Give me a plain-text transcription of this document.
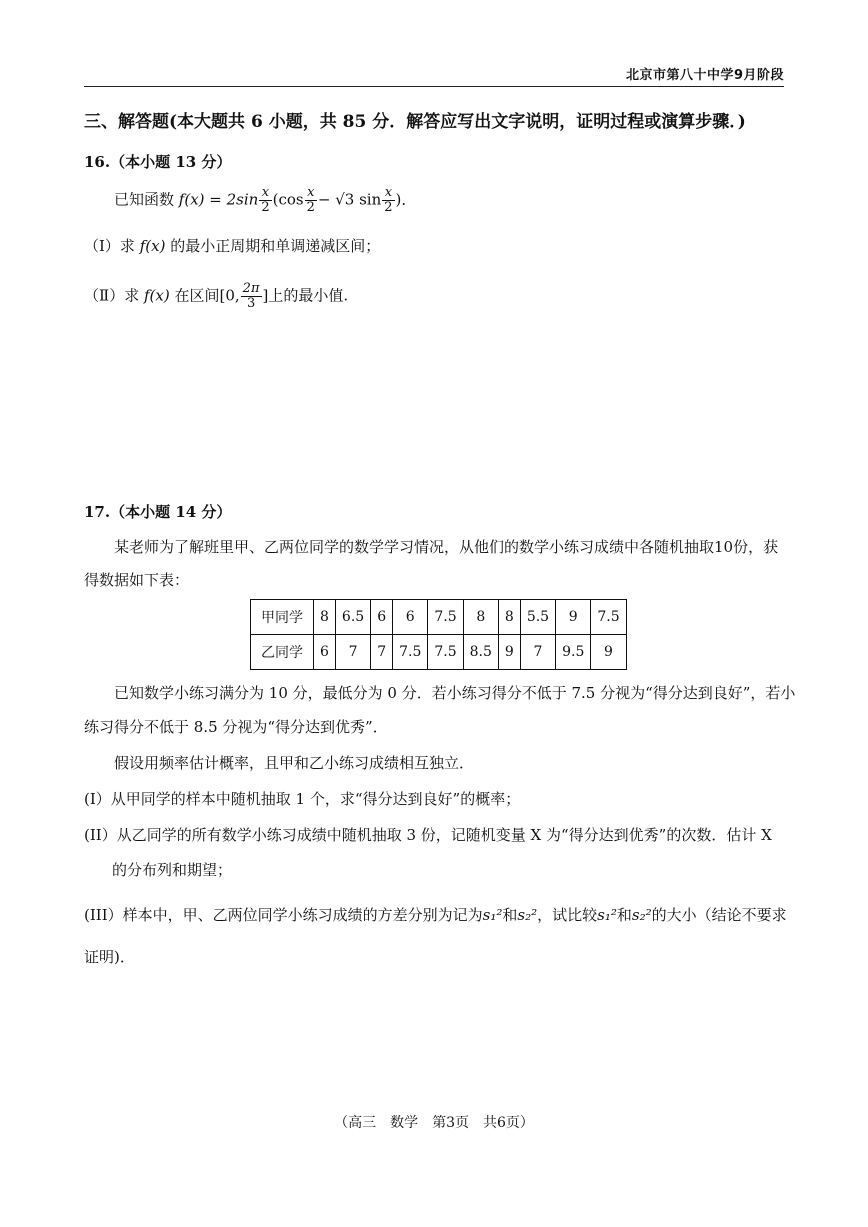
北京市第八十中学9月阶段
三、解答题(本大题共 6 小题，共 85 分．解答应写出文字说明，证明过程或演算步骤．)
16.（本小题 13 分）
已知函数 $f(x) = 2\sin \frac{x}{2} (\cos \frac{x}{2} - √3$ $\sin \frac{x}{2}$ )．
（Ⅰ）求 f(x) 的最小正周期和单调递减区间；
（Ⅱ）求 f(x) 在区间[0, $\frac{2\pi}{3}$ ]上的最小值.
17.（本小题 14 分）
某老师为了解班里甲、乙两位同学的数学学习情况，从他们的数学小练习成绩中各随机抽取10份，获
得数据如下表：
甲同学	8	6.5	6	6	7.5	8	8	5.5	9	7.5
乙同学	6	7	7	7.5	7.5	8.5	9	7	9.5	9
已知数学小练习满分为 10 分，最低分为 0 分．若小练习得分不低于 7.5 分视为“得分达到良好”，若小
练习得分不低于 8.5 分视为“得分达到优秀”．
假设用频率估计概率，且甲和乙小练习成绩相互独立．
(I）从甲同学的样本中随机抽取 1 个，求“得分达到良好”的概率；
(II）从乙同学的所有数学小练习成绩中随机抽取 3 份，记随机变量 X 为“得分达到优秀”的次数．估计 X
的分布列和期望；
(III）样本中，甲、乙两位同学小练习成绩的方差分别为记为s₁²和s₂²，试比较s₁²和s₂²的大小（结论不要求
证明)．
（高三　数学　第3页　共6页）
